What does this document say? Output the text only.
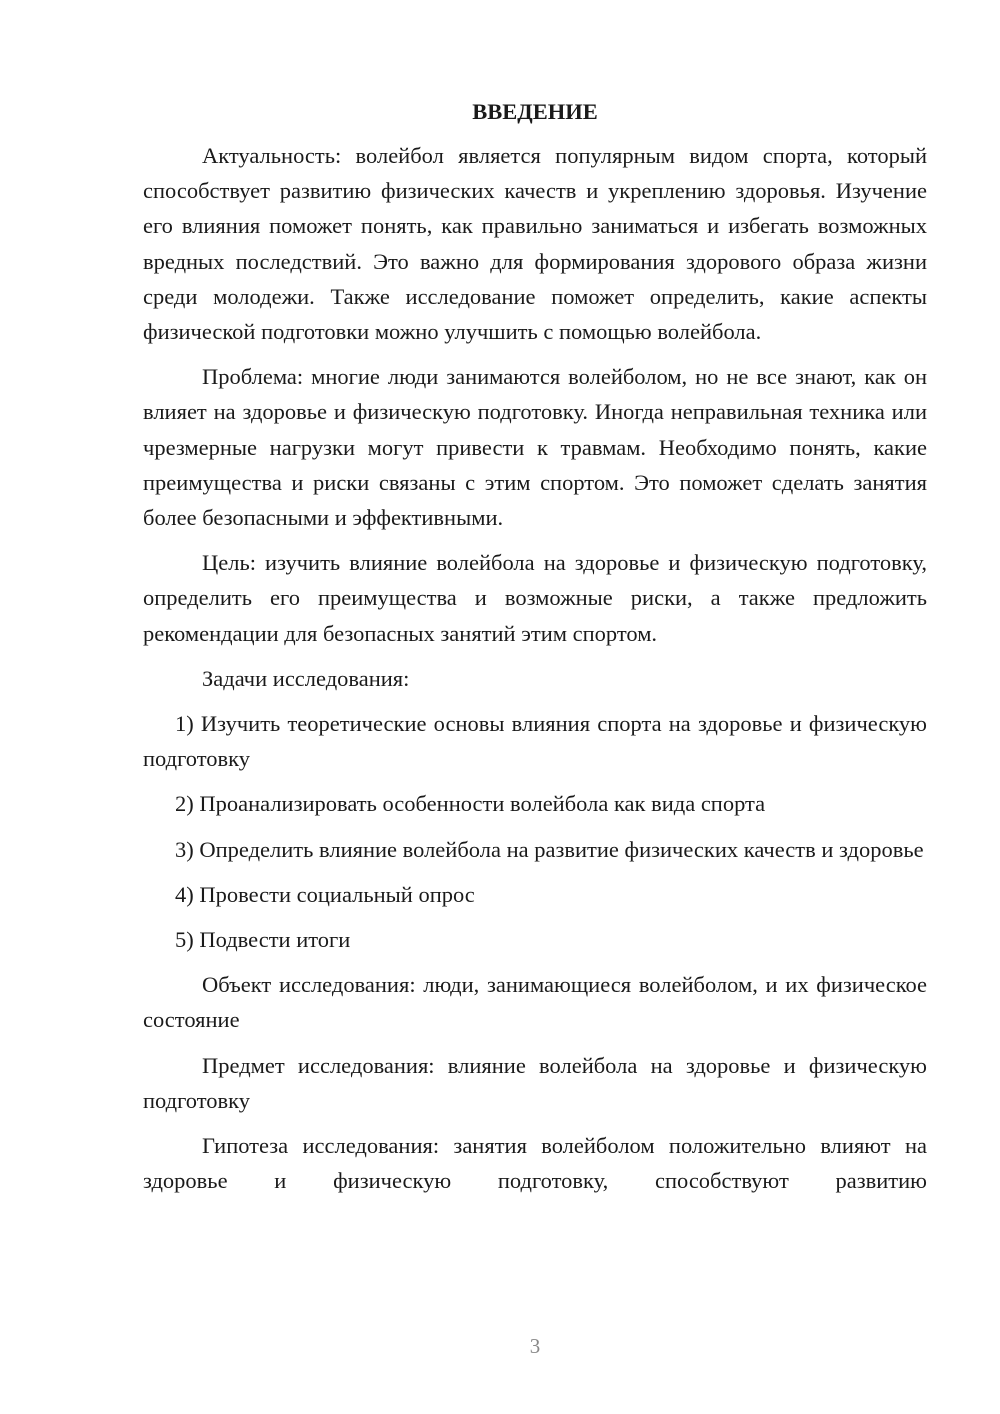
ВВЕДЕНИЕ

Актуальность: волейбол является популярным видом спорта, который способствует развитию физических качеств и укреплению здоровья. Изучение его влияния поможет понять, как правильно заниматься и избегать возможных вредных последствий. Это важно для формирования здорового образа жизни среди молодежи. Также исследование поможет определить, какие аспекты физической подготовки можно улучшить с помощью волейбола.

Проблема: многие люди занимаются волейболом, но не все знают, как он влияет на здоровье и физическую подготовку. Иногда неправильная техника или чрезмерные нагрузки могут привести к травмам. Необходимо понять, какие преимущества и риски связаны с этим спортом. Это поможет сделать занятия более безопасными и эффективными.

Цель: изучить влияние волейбола на здоровье и физическую подготовку, определить его преимущества и возможные риски, а также предложить рекомендации для безопасных занятий этим спортом.

Задачи исследования:

1) Изучить теоретические основы влияния спорта на здоровье и физическую подготовку

2) Проанализировать особенности волейбола как вида спорта

3) Определить влияние волейбола на развитие физических качеств и здоровье

4) Провести социальный опрос

5) Подвести итоги

Объект исследования: люди, занимающиеся волейболом, и их физическое состояние

Предмет исследования: влияние волейбола на здоровье и физическую подготовку

Гипотеза исследования: занятия волейболом положительно влияют на здоровье и физическую подготовку, способствуют развитию

3
